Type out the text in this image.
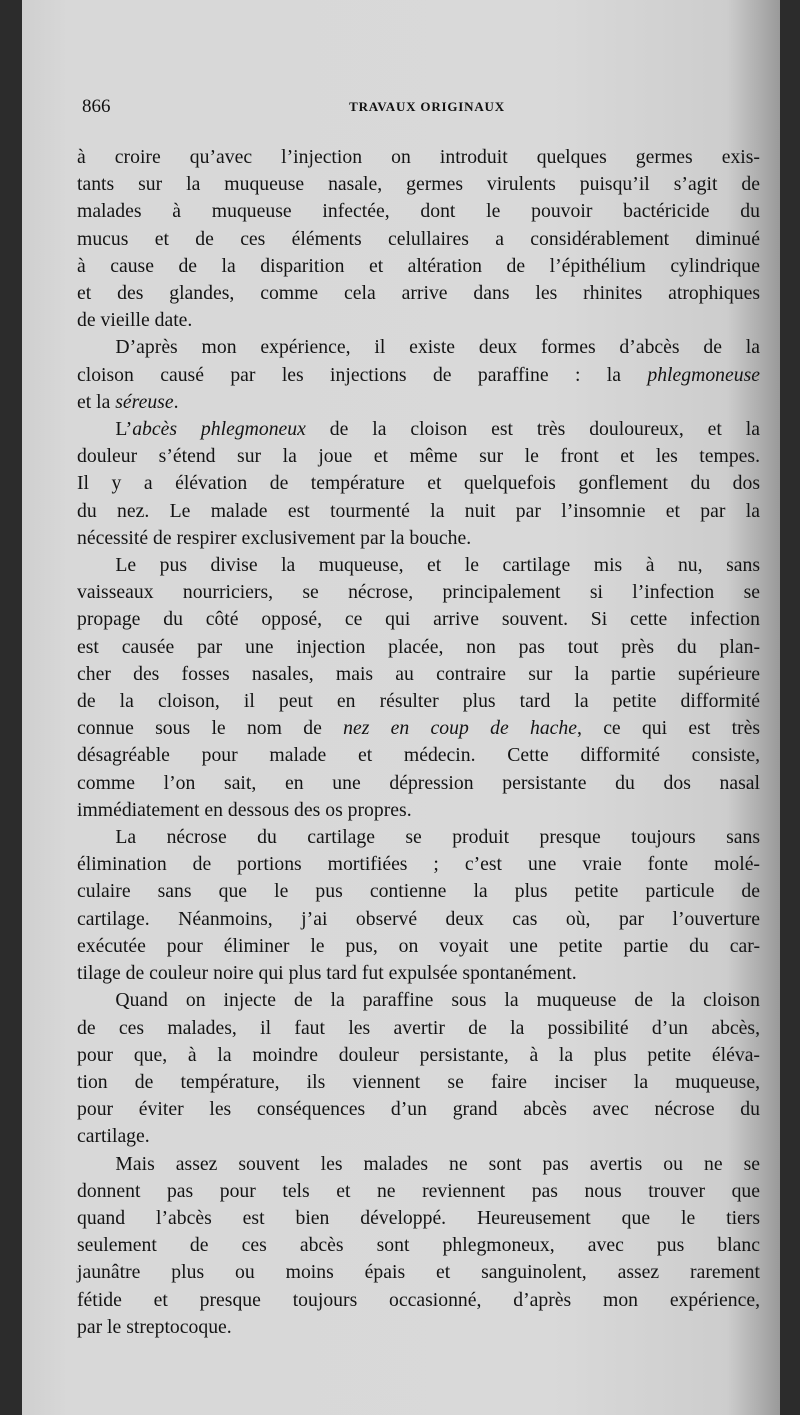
866	TRAVAUX ORIGINAUX
à croire qu’avec l’injection on introduit quelques germes exis-
tants sur la muqueuse nasale, germes virulents puisqu’il s’agit de
malades à muqueuse infectée, dont le pouvoir bactéricide du
mucus et de ces éléments celullaires a considérablement diminué
à cause de la disparition et altération de l’épithélium cylindrique
et des glandes, comme cela arrive dans les rhinites atrophiques
de vieille date.
D’après mon expérience, il existe deux formes d’abcès de la
cloison causé par les injections de paraffine : la phlegmoneuse
et la séreuse.
L’abcès phlegmoneux de la cloison est très douloureux, et la
douleur s’étend sur la joue et même sur le front et les tempes.
Il y a élévation de température et quelquefois gonflement du dos
du nez. Le malade est tourmenté la nuit par l’insomnie et par la
nécessité de respirer exclusivement par la bouche.
Le pus divise la muqueuse, et le cartilage mis à nu, sans
vaisseaux nourriciers, se nécrose, principalement si l’infection se
propage du côté opposé, ce qui arrive souvent. Si cette infection
est causée par une injection placée, non pas tout près du plan-
cher des fosses nasales, mais au contraire sur la partie supérieure
de la cloison, il peut en résulter plus tard la petite difformité
connue sous le nom de nez en coup de hache, ce qui est très
désagréable pour malade et médecin. Cette difformité consiste,
comme l’on sait, en une dépression persistante du dos nasal
immédiatement en dessous des os propres.
La nécrose du cartilage se produit presque toujours sans
élimination de portions mortifiées ; c’est une vraie fonte molé-
culaire sans que le pus contienne la plus petite particule de
cartilage. Néanmoins, j’ai observé deux cas où, par l’ouverture
exécutée pour éliminer le pus, on voyait une petite partie du car-
tilage de couleur noire qui plus tard fut expulsée spontanément.
Quand on injecte de la paraffine sous la muqueuse de la cloison
de ces malades, il faut les avertir de la possibilité d’un abcès,
pour que, à la moindre douleur persistante, à la plus petite éléva-
tion de température, ils viennent se faire inciser la muqueuse,
pour éviter les conséquences d’un grand abcès avec nécrose du
cartilage.
Mais assez souvent les malades ne sont pas avertis ou ne se
donnent pas pour tels et ne reviennent pas nous trouver que
quand l’abcès est bien développé. Heureusement que le tiers
seulement de ces abcès sont phlegmoneux, avec pus blanc
jaunâtre plus ou moins épais et sanguinolent, assez rarement
fétide et presque toujours occasionné, d’après mon expérience,
par le streptocoque.
